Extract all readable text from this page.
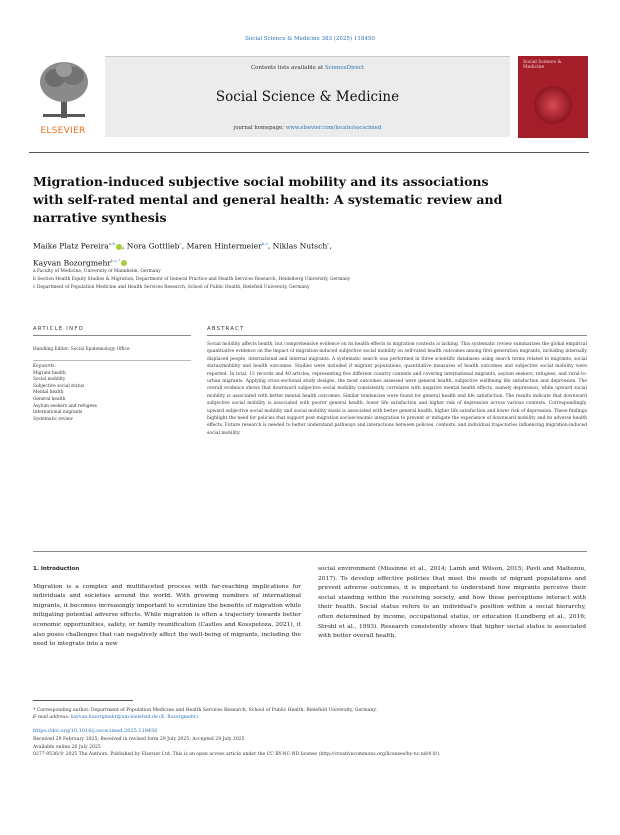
Social Science & Medicine 383 (2025) 118450
ELSEVIER
Contents lists available at ScienceDirect
Social Science & Medicine
journal homepage: www.elsevier.com/locate/socscimed
Social Science & Medicine
Migration-induced subjective social mobility and its associations with self-rated mental and general health: A systematic review and narrative synthesis
Maike Platz Pereira$^{a,b}$ , Nora Gottlieb$^c$, Maren Hintermeier$^{b,c}$, Niklas Nutsch$^c$,
Kayvan Bozorgmehr$^{b,c,*}$
a Faculty of Medicine, University of Mannheim, Germany
b Section Health Equity Studies & Migration, Department of General Practice and Health Services Research, Heidelberg University, Germany
c Department of Population Medicine and Health Services Research, School of Public Health, Bielefeld University, Germany
ARTICLE INFO	ABSTRACT
Handling Editor: Social Epidemiology Office
Keywords:
Migrant health
Social mobility
Subjective social status
Mental health
General health
Asylum seekers and refugees
International migrants
Systematic review
Social mobility affects health, but comprehensive evidence on its health effects in migration contexts is lacking. This systematic review summarizes the global empirical quantitative evidence on the impact of migration-induced subjective social mobility on self-rated health outcomes among first-generation migrants, including internally displaced people, international and internal migrants. A systematic search was performed in three scientific databases using search terms related to migrants, social status/mobility and health outcomes. Studies were included if migrant populations, quantitative measures of health outcomes and subjective social mobility were reported. In total, 13 records and 40 articles, representing five different country contexts and covering international migrants, asylum seekers, refugees, and rural-to-urban migrants. Applying cross-sectional study designs, the most outcomes assessed were general health, subjective wellbeing life satisfaction and depression. The overall evidence shows that downward subjective social mobility consistently correlates with negative mental health effects, namely depression, while upward social mobility is associated with better mental health outcomes. Similar tendencies were found for general health and life satisfaction. The results indicate that downward subjective social mobility is associated with poorer general health, lower life satisfaction and higher risk of depression across various contexts. Correspondingly, upward subjective social mobility and social mobility stasis is associated with better general health, higher life satisfaction and lower risk of depression. These findings highlight the need for policies that support post-migration socioeconomic integration to prevent or mitigate the experience of downward mobility and its adverse health effects. Future research is needed to better understand pathways and interactions between policies, contexts, and individual trajectories influencing migration-induced social mobility.
1. Introduction
Migration is a complex and multifaceted process with far-reaching implications for individuals and societies around the world. With growing numbers of international migrants, it becomes increasingly important to scrutinize the benefits of migration while mitigating potential adverse effects. While migration is often a trajectory towards better economic opportunities, safety, or family reunification (Castles and Kosspetoza, 2021), it also poses challenges that can negatively affect the well-being of migrants, including the need to integrate into a new
social environment (Missinne et al., 2014; Lamb and Wilson, 2015; Pavli and Maltezou, 2017). To develop effective policies that meet the needs of migrant populations and prevent adverse outcomes, it is important to understand how migrants perceive their social standing within the receiving society, and how these perceptions interact with their health. Social status refers to an individual's position within a social hierarchy, often determined by income, occupational status, or education (Lundberg et al., 2016; Strobl et al., 1993). Research consistently shows that higher social status is associated with better overall health,
* Corresponding author. Department of Population Medicine and Health Services Research, School of Public Health, Bielefeld University, Germany.
E-mail address: kayvan.bozorgmehr@uni-bielefeld.de (K. Bozorgmehr).
https://doi.org/10.1016/j.socscimed.2025.118450
Received 29 February 2025; Received in revised form 29 July 2025; Accepted 29 July 2025
Available online 26 July 2025
0277-9536/© 2025 The Authors. Published by Elsevier Ltd. This is an open access article under the CC BY-NC-ND license (http://creativecommons.org/licenses/by-nc-nd/4.0/).
